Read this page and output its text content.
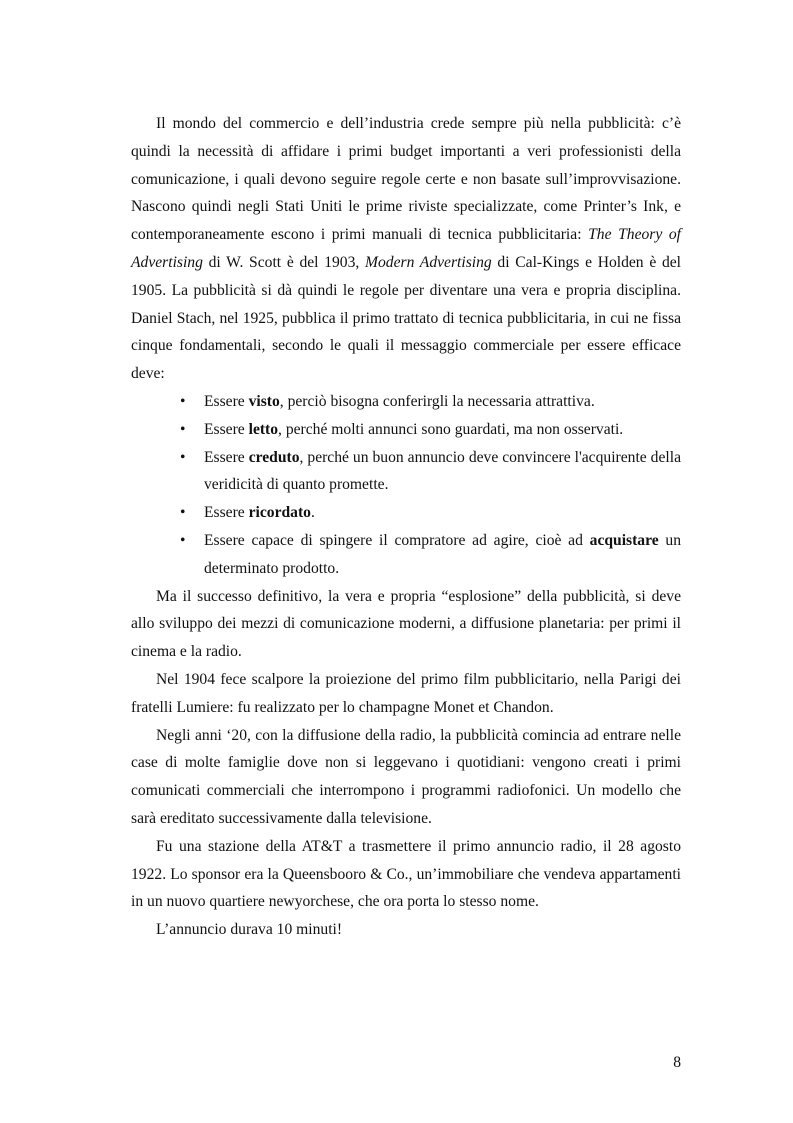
Il mondo del commercio e dell’industria crede sempre più nella pubblicità: c’è quindi la necessità di affidare i primi budget importanti a veri professionisti della comunicazione, i quali devono seguire regole certe e non basate sull’improvvisazione. Nascono quindi negli Stati Uniti le prime riviste specializzate, come Printer’s Ink, e contemporaneamente escono i primi manuali di tecnica pubblicitaria: The Theory of Advertising di W. Scott è del 1903, Modern Advertising di Cal-Kings e Holden è del 1905. La pubblicità si dà quindi le regole per diventare una vera e propria disciplina. Daniel Stach, nel 1925, pubblica il primo trattato di tecnica pubblicitaria, in cui ne fissa cinque fondamentali, secondo le quali il messaggio commerciale per essere efficace deve:

• Essere visto, perciò bisogna conferirgli la necessaria attrattiva.
• Essere letto, perché molti annunci sono guardati, ma non osservati.
• Essere creduto, perché un buon annuncio deve convincere l'acquirente della veridicità di quanto promette.
• Essere ricordato.
• Essere capace di spingere il compratore ad agire, cioè ad acquistare un determinato prodotto.

Ma il successo definitivo, la vera e propria “esplosione” della pubblicità, si deve allo sviluppo dei mezzi di comunicazione moderni, a diffusione planetaria: per primi il cinema e la radio.

Nel 1904 fece scalpore la proiezione del primo film pubblicitario, nella Parigi dei fratelli Lumiere: fu realizzato per lo champagne Monet et Chandon.

Negli anni ‘20, con la diffusione della radio, la pubblicità comincia ad entrare nelle case di molte famiglie dove non si leggevano i quotidiani: vengono creati i primi comunicati commerciali che interrompono i programmi radiofonici. Un modello che sarà ereditato successivamente dalla televisione.

Fu una stazione della AT&T a trasmettere il primo annuncio radio, il 28 agosto 1922. Lo sponsor era la Queensbooro & Co., un’immobiliare che vendeva appartamenti in un nuovo quartiere newyorchese, che ora porta lo stesso nome.

L’annuncio durava 10 minuti!

8
